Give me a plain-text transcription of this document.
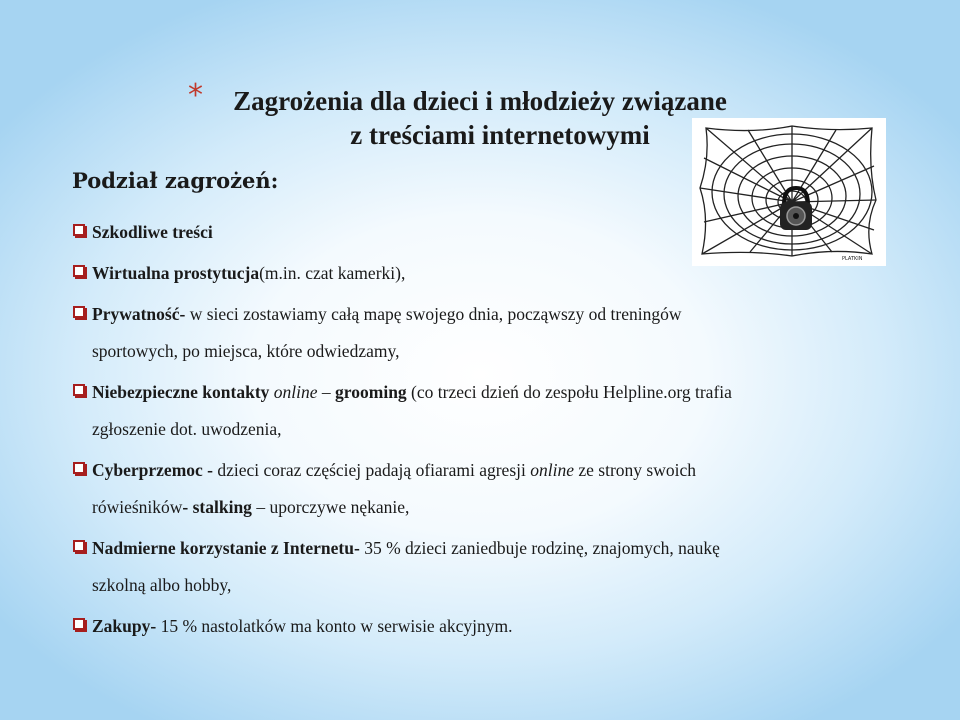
*	Zagrożenia dla dzieci i młodzieży związane
z treściami internetowymi
PLATKIN
Podział zagrożeń:
Szkodliwe treści
Wirtualna prostytucja(m.in. czat kamerki),
Prywatność- w sieci zostawiamy całą mapę swojego dnia, począwszy od treningów
sportowych, po miejsca, które odwiedzamy,
Niebezpieczne kontakty online – grooming (co trzeci dzień do zespołu Helpline.org trafia
zgłoszenie dot. uwodzenia,
Cyberprzemoc - dzieci coraz częściej padają ofiarami agresji online ze strony swoich
rówieśników- stalking – uporczywe nękanie,
Nadmierne korzystanie z Internetu- 35 % dzieci zaniedbuje rodzinę, znajomych, naukę
szkolną albo hobby,
Zakupy- 15 % nastolatków ma konto w serwisie akcyjnym.
